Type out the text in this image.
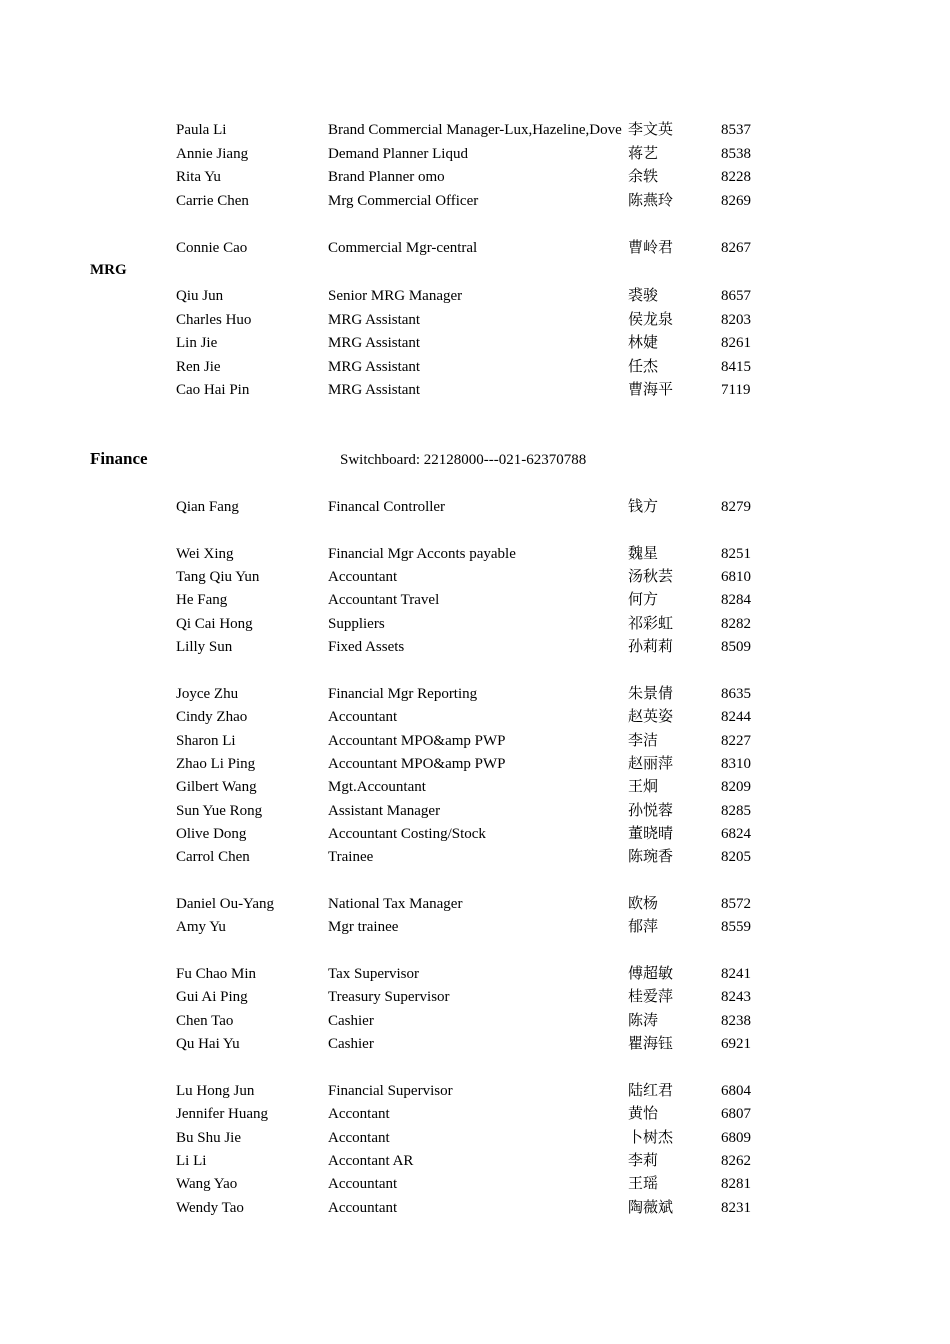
MRG
Finance	Switchboard: 22128000---021-62370788
Paula Li	Brand Commercial Manager-Lux,Hazeline,Dove 李文英	8537
Annie Jiang	Demand Planner Liqud	蒋艺	8538
Rita Yu	Brand Planner omo	余轶	8228
Carrie Chen	Mrg Commercial Officer	陈燕玲	8269
Connie Cao	Commercial Mgr-central	曹岭君	8267
Qiu Jun	Senior MRG Manager	裘骏	8657
Charles Huo	MRG Assistant	侯龙泉	8203
Lin Jie	MRG Assistant	林婕	8261
Ren Jie	MRG Assistant	任杰	8415
Cao Hai Pin	MRG Assistant	曹海平	7119
Qian Fang	Financal Controller	钱方	8279
Wei Xing	Financial Mgr Acconts payable	魏星	8251
Tang Qiu Yun	Accountant	汤秋芸	6810
He Fang	Accountant Travel	何方	8284
Qi Cai Hong	Suppliers	祁彩虹	8282
Lilly Sun	Fixed Assets	孙莉莉	8509
Joyce Zhu	Financial Mgr Reporting	朱景倩	8635
Cindy Zhao	Accountant	赵英姿	8244
Sharon Li	Accountant MPO&amp PWP	李洁	8227
Zhao Li Ping	Accountant MPO&amp PWP	赵丽萍	8310
Gilbert Wang	Mgt.Accountant	王炯	8209
Sun Yue Rong	Assistant Manager	孙悦蓉	8285
Olive Dong	Accountant Costing/Stock	董晓晴	6824
Carrol Chen	Trainee	陈琬香	8205
Daniel Ou-Yang	National Tax Manager	欧杨	8572
Amy Yu	Mgr trainee	郁萍	8559
Fu Chao Min	Tax Supervisor	傅超敏	8241
Gui Ai Ping	Treasury Supervisor	桂爱萍	8243
Chen Tao	Cashier	陈涛	8238
Qu Hai Yu	Cashier	瞿海钰	6921
Lu Hong Jun	Financial Supervisor	陆红君	6804
Jennifer Huang	Accontant	黄怡	6807
Bu Shu Jie	Accontant	卜树杰	6809
Li Li	Accontant AR	李莉	8262
Wang Yao	Accountant	王瑶	8281
Wendy Tao	Accountant	陶薇斌	8231
